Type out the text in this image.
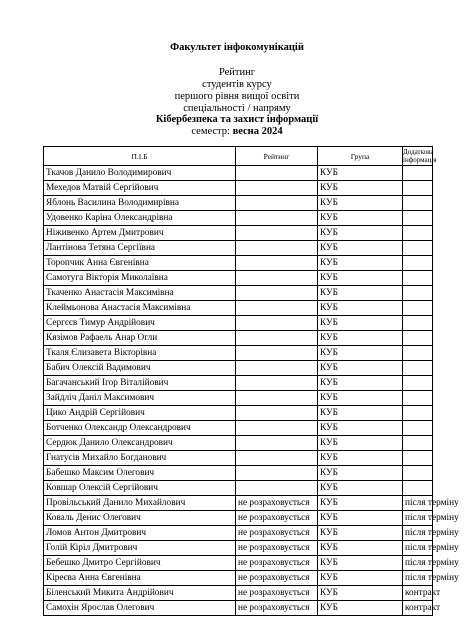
Факультет інфокомунікацій
Рейтинг
студентів курсу
першого рівня вищої освіти
спеціальності / напряму
Кібербезпека та захист інформації
семестр: весна 2024
П.І.Б	Рейтинг	Група	Додаткова інформація
Ткачов Данило Володимирович		КУБ	
Мехедов Матвій Сергійович		КУБ	
Яблонь Василина Володимирівна		КУБ	
Удовенко Каріна Олександрівна		КУБ	
Ніживенко Артем Дмитрович		КУБ	
Лантінова Тетяна Сергіївна		КУБ	
Торопчик Анна Євгенівна		КУБ	
Самотуга Вікторія Миколаївна		КУБ	
Ткаченко Анастасія Максимівна		КУБ	
Клеймьонова Анастасія Максимівна		КУБ	
Сергєєв Тимур Андрійович		КУБ	
Кязімов Рафаель Анар Огли		КУБ	
Ткаля Єлизавета Вікторівна		КУБ	
Бабич Олексій Вадимович		КУБ	
Багачанський Ігор Віталійович		КУБ	
Зайдліч Даніл Максимович		КУБ	
Цико Андрій Сергійович		КУБ	
Ботченко Олександр Олександрович		КУБ	
Сердюк Данило Олександрович		КУБ	
Гнатусів Михайло Богданович		КУБ	
Бабешко Максим Олегович		КУБ	
Ковшар Олексій Сергійович		КУБ	
Провільський Данило Михайлович	не розраховується	КУБ	після терміну
Коваль Денис Олегович	не розраховується	КУБ	після терміну
Ломов Антон Дмитрович	не розраховується	КУБ	після терміну
Голій Кіріл Дмитрович	не розраховується	КУБ	після терміну
Бебешко Дмитро Сергійович	не розраховується	КУБ	після терміну
Кіреєва Анна Євгенівна	не розраховується	КУБ	після терміну
Біленський Микита Андрійович	не розраховується	КУБ	контракт
Самохін Ярослав Олегович	не розраховується	КУБ	контракт
